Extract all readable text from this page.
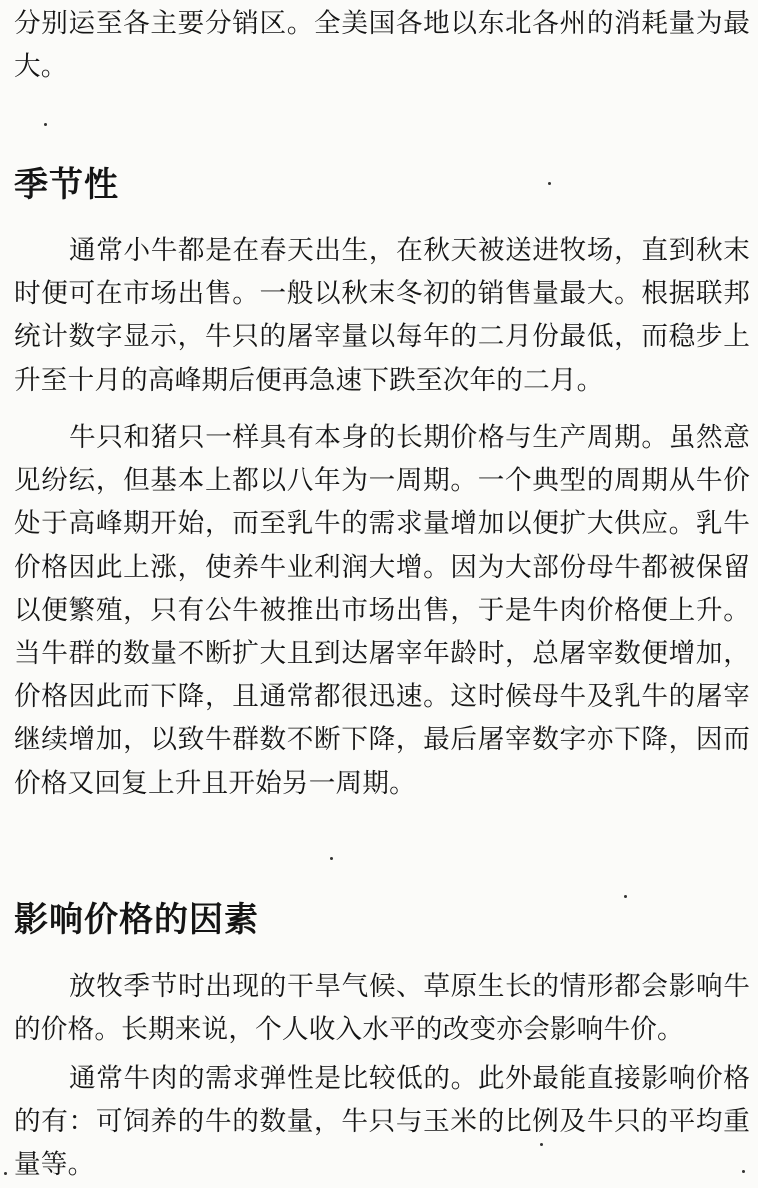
分别运至各主要分销区。全美国各地以东北各州的消耗量为最大。

季节性

通常小牛都是在春天出生，在秋天被送进牧场，直到秋末时便可在市场出售。一般以秋末冬初的销售量最大。根据联邦统计数字显示，牛只的屠宰量以每年的二月份最低，而稳步上升至十月的高峰期后便再急速下跌至次年的二月。

牛只和猪只一样具有本身的长期价格与生产周期。虽然意见纷纭，但基本上都以八年为一周期。一个典型的周期从牛价处于高峰期开始，而至乳牛的需求量增加以便扩大供应。乳牛价格因此上涨，使养牛业利润大增。因为大部份母牛都被保留以便繁殖，只有公牛被推出市场出售，于是牛肉价格便上升。当牛群的数量不断扩大且到达屠宰年龄时，总屠宰数便增加，价格因此而下降，且通常都很迅速。这时候母牛及乳牛的屠宰继续增加，以致牛群数不断下降，最后屠宰数字亦下降，因而价格又回复上升且开始另一周期。

影响价格的因素

放牧季节时出现的干旱气候、草原生长的情形都会影响牛的价格。长期来说，个人收入水平的改变亦会影响牛价。

通常牛肉的需求弹性是比较低的。此外最能直接影响价格的有：可饲养的牛的数量，牛只与玉米的比例及牛只的平均重量等。
